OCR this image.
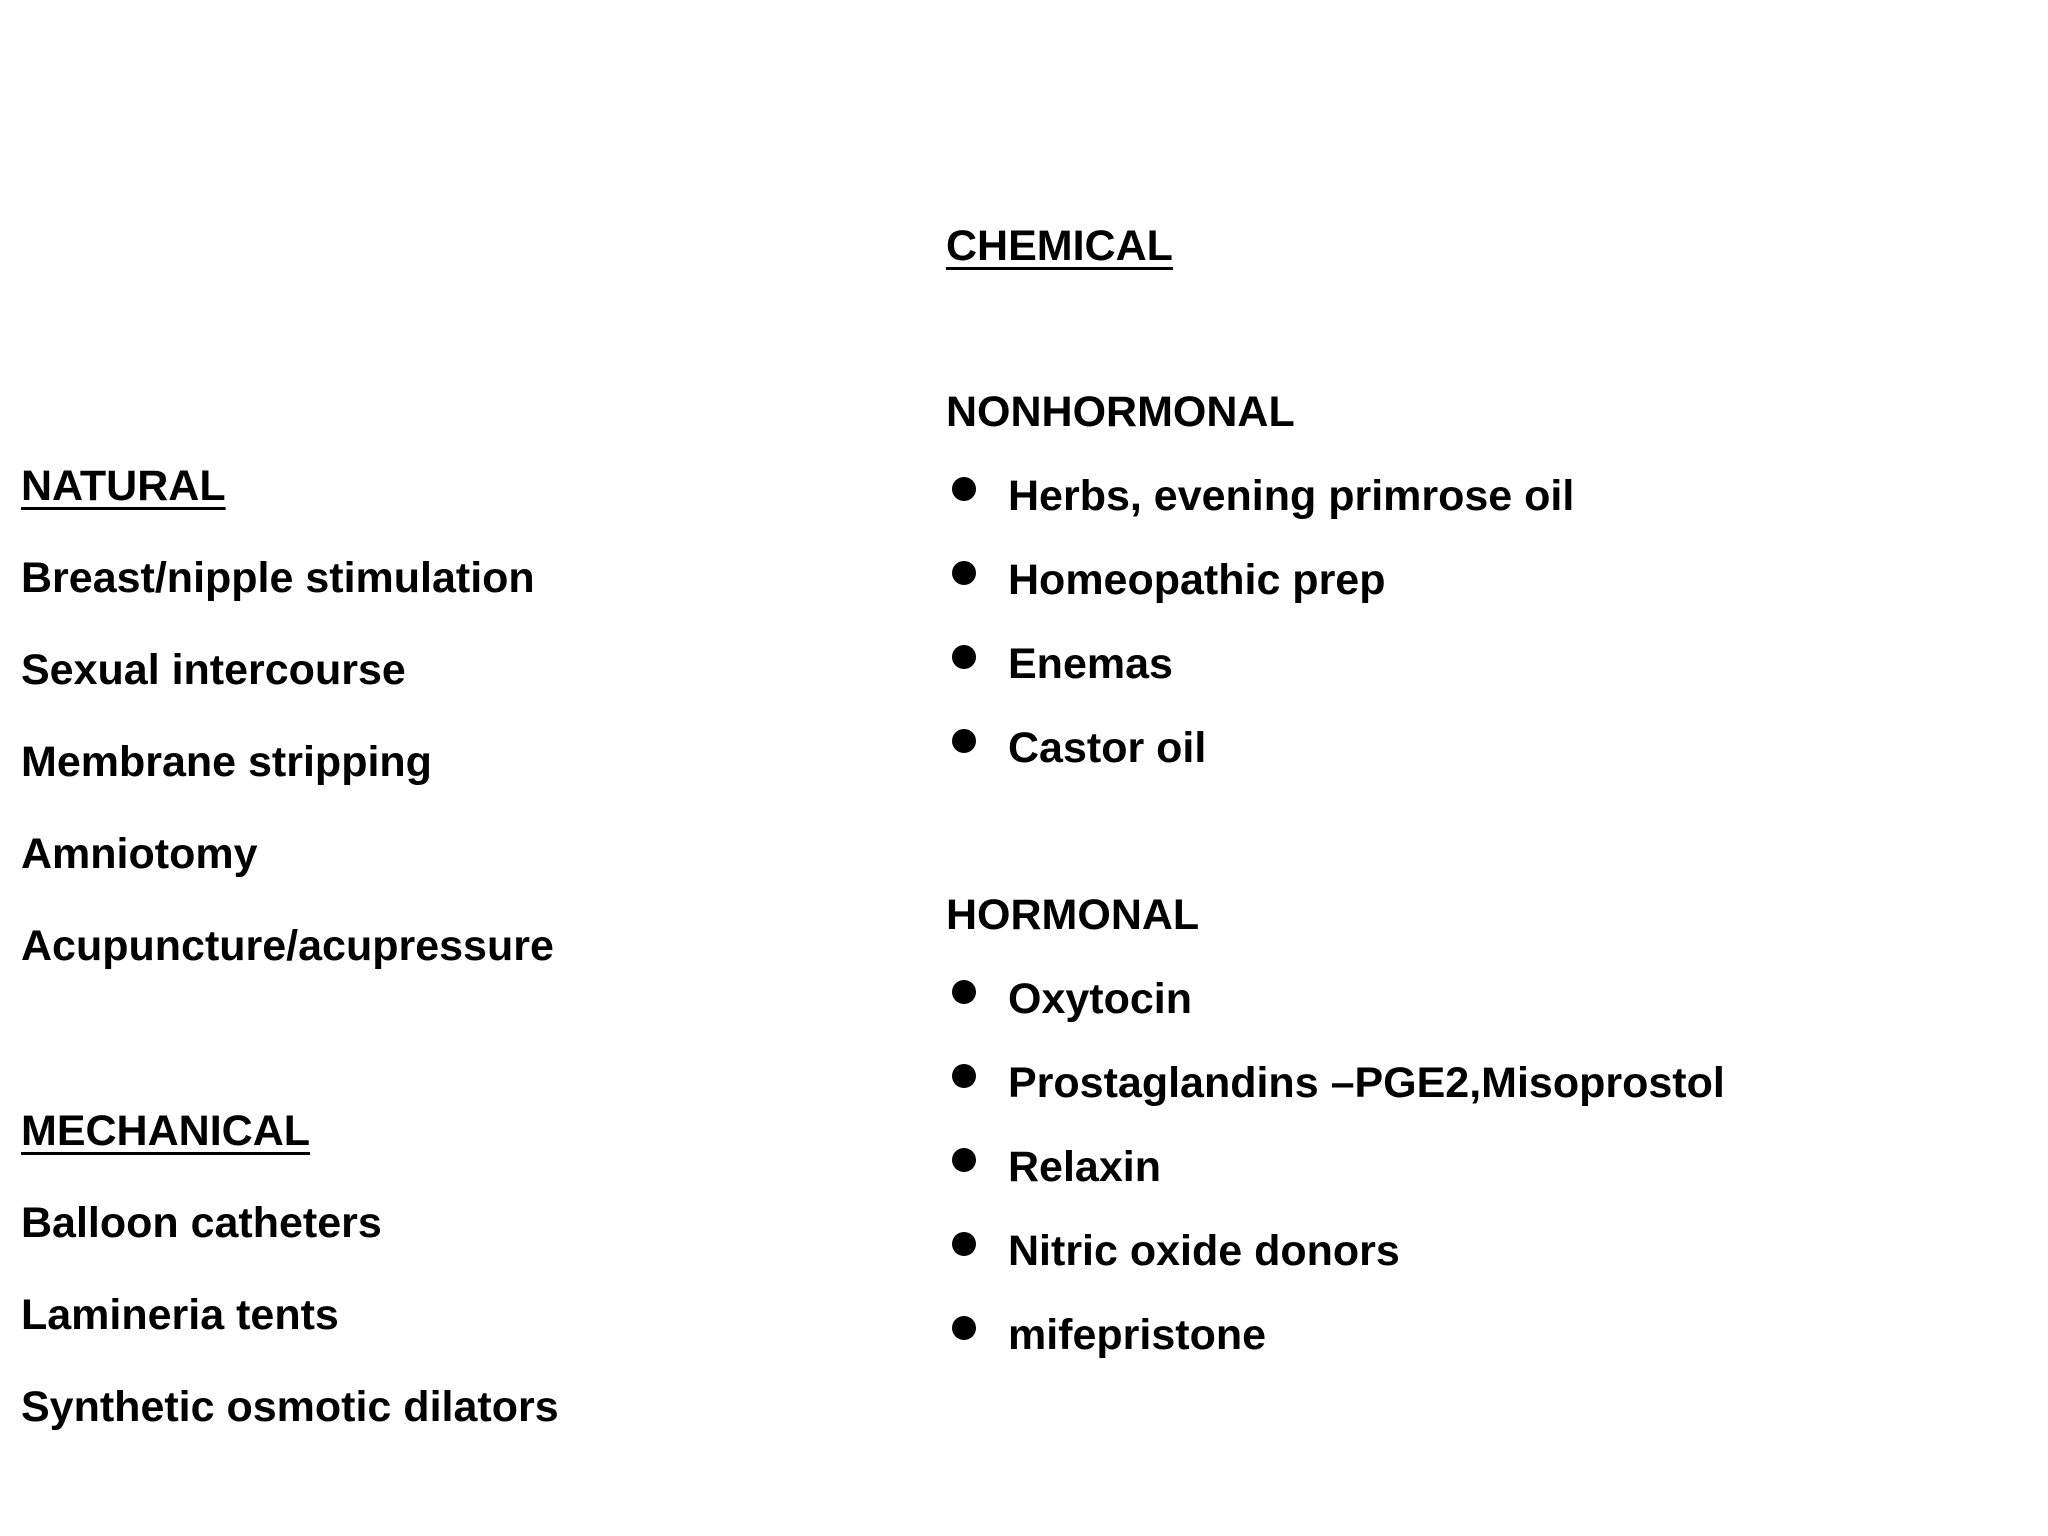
NATURAL
Breast/nipple stimulation
Sexual intercourse
Membrane stripping
Amniotomy
Acupuncture/acupressure
MECHANICAL
Balloon catheters
Lamineria tents
Synthetic osmotic dilators
CHEMICAL
NONHORMONAL
Herbs, evening primrose oil
Homeopathic prep
Enemas
Castor oil
HORMONAL
Oxytocin
Prostaglandins –PGE2,Misoprostol
Relaxin
Nitric oxide donors
mifepristone
